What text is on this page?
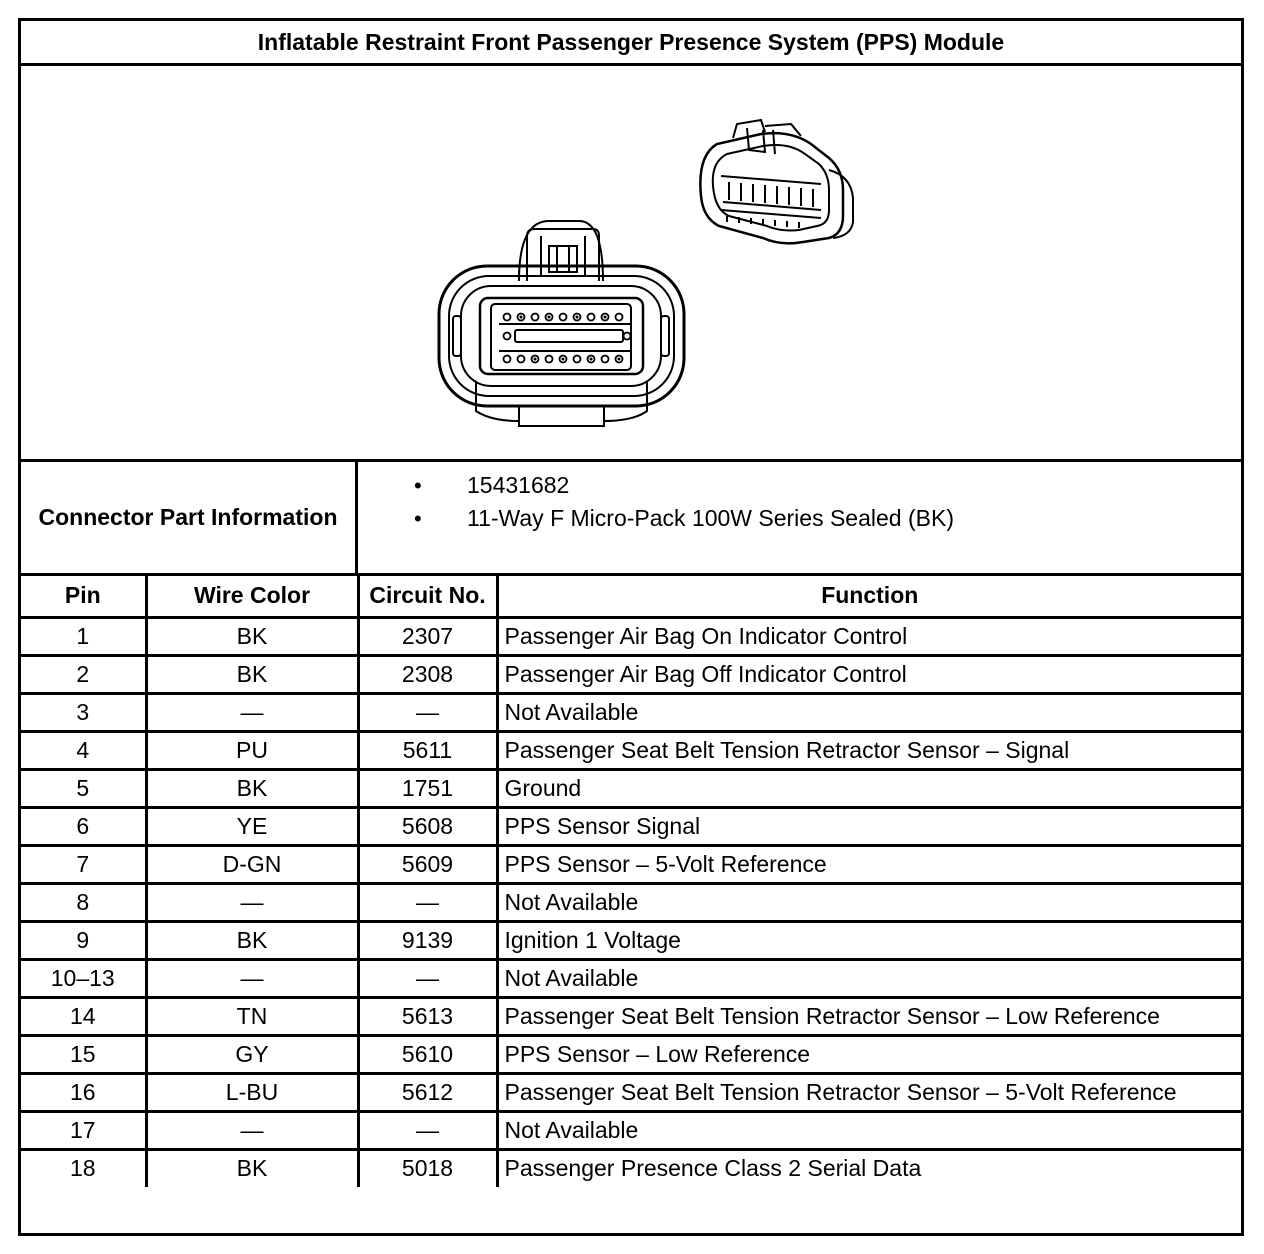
Inflatable Restraint Front Passenger Presence System (PPS) Module
Connector Part Information
• 15431682
• 11-Way F Micro-Pack 100W Series Sealed (BK)
Pin	Wire Color	Circuit No.	Function
1	BK	2307	Passenger Air Bag On Indicator Control
2	BK	2308	Passenger Air Bag Off Indicator Control
3	—	—	Not Available
4	PU	5611	Passenger Seat Belt Tension Retractor Sensor – Signal
5	BK	1751	Ground
6	YE	5608	PPS Sensor Signal
7	D-GN	5609	PPS Sensor – 5-Volt Reference
8	—	—	Not Available
9	BK	9139	Ignition 1 Voltage
10–13	—	—	Not Available
14	TN	5613	Passenger Seat Belt Tension Retractor Sensor – Low Reference
15	GY	5610	PPS Sensor – Low Reference
16	L-BU	5612	Passenger Seat Belt Tension Retractor Sensor – 5-Volt Reference
17	—	—	Not Available
18	BK	5018	Passenger Presence Class 2 Serial Data
